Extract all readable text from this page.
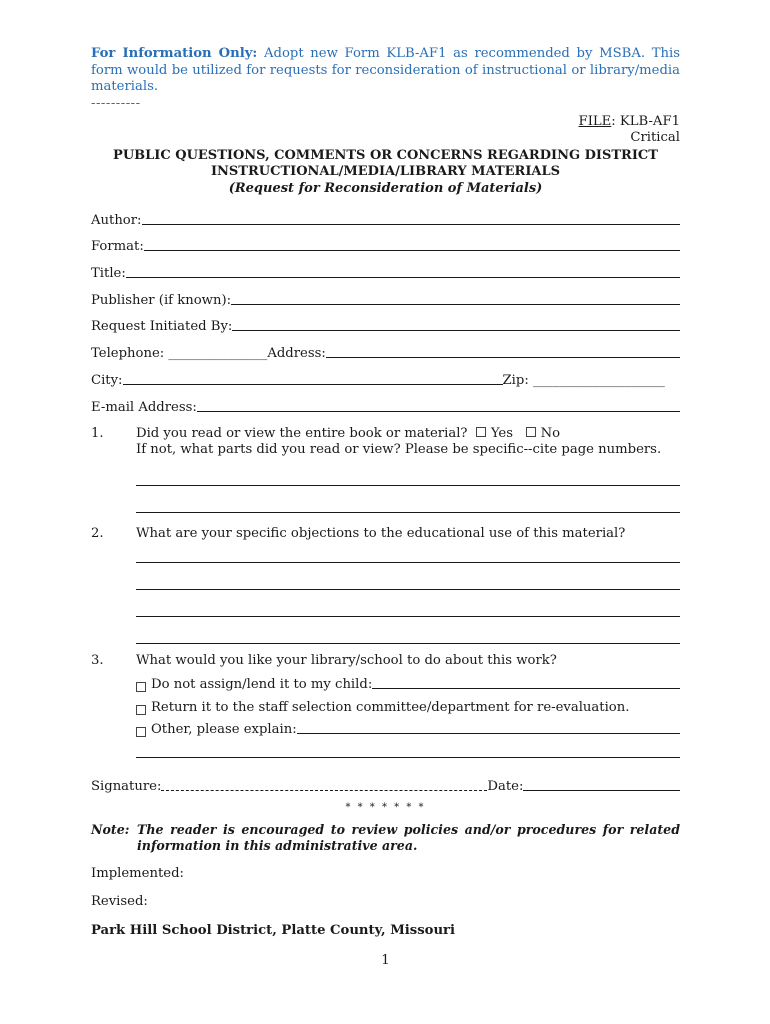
For Information Only: Adopt new Form KLB-AF1 as recommended by MSBA. This form would be utilized for requests for reconsideration of instructional or library/media materials.
----------
FILE: KLB-AF1
Critical
PUBLIC QUESTIONS, COMMENTS OR CONCERNS REGARDING DISTRICT
INSTRUCTIONAL/MEDIA/LIBRARY MATERIALS
(Request for Reconsideration of Materials)
Author:
Format:
Title:
Publisher (if known):
Request Initiated By:
Telephone: _______________ Address:
City:	Zip: ____________________
E-mail Address:
1.	Did you read or view the entire book or material? Yes No
If not, what parts did you read or view? Please be specific--cite page numbers.
2.	What are your specific objections to the educational use of this material?
3.	What would you like your library/school to do about this work?
Do not assign/lend it to my child:
Return it to the staff selection committee/department for re-evaluation.
Other, please explain:
Signature:	Date:
* * * * * * *
Note: The reader is encouraged to review policies and/or procedures for related information in this administrative area.
Implemented:
Revised:
Park Hill School District, Platte County, Missouri
1
